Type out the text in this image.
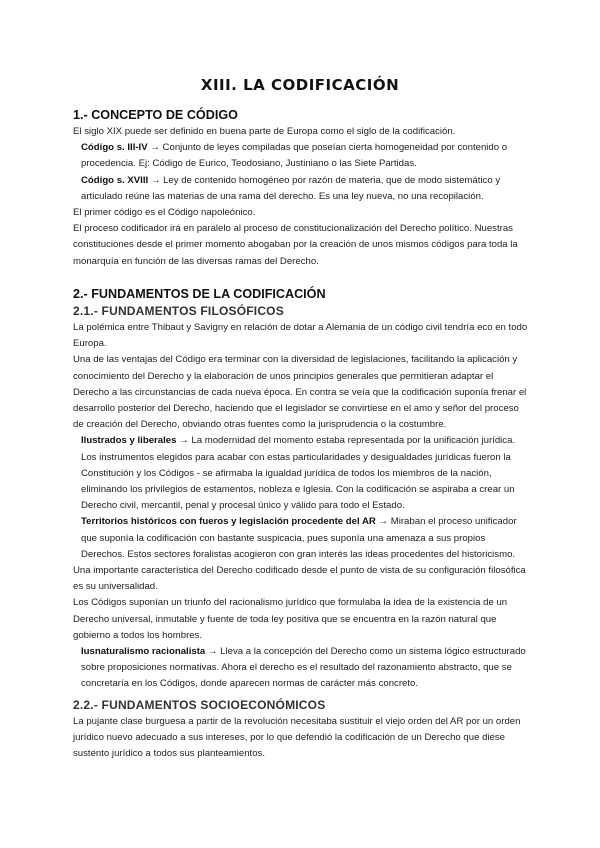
XIII. LA CODIFICACIÓN
1.- CONCEPTO DE CÓDIGO

El siglo XIX puede ser definido en buena parte de Europa como el siglo de la codificación.

Código s. III-IV → Conjunto de leyes compiladas que poseían cierta homogeneidad por contenido o procedencia. Ej: Código de Eurico, Teodosiano, Justiniano o las Siete Partidas.

Código s. XVIII → Ley de contenido homogéneo por razón de materia, que de modo sistemático y articulado reúne las materias de una rama del derecho. Es una ley nueva, no una recopilación.

El primer código es el Código napoleónico.

El proceso codificador irá en paralelo al proceso de constitucionalización del Derecho político. Nuestras constituciones desde el primer momento abogaban por la creación de unos mismos códigos para toda la monarquía en función de las diversas ramas del Derecho.

2.- FUNDAMENTOS DE LA CODIFICACIÓN
2.1.- FUNDAMENTOS FILOSÓFICOS

La polémica entre Thibaut y Savigny en relación de dotar a Alemania de un código civil tendría eco en todo Europa.

Una de las ventajas del Código era terminar con la diversidad de legislaciones, facilitando la aplicación y conocimiento del Derecho y la elaboración de unos principios generales que permitieran adaptar el Derecho a las circunstancias de cada nueva época. En contra se veía que la codificación suponía frenar el desarrollo posterior del Derecho, haciendo que el legislador se convirtiese en el amo y señor del proceso de creación del Derecho, obviando otras fuentes como la jurisprudencia o la costumbre.

Ilustrados y liberales → La modernidad del momento estaba representada por la unificación jurídica. Los instrumentos elegidos para acabar con estas particularidades y desigualdades jurídicas fueron la Constitución y los Códigos - se afirmaba la igualdad jurídica de todos los miembros de la nación, eliminando los privilegios de estamentos, nobleza e Iglesia. Con la codificación se aspiraba a crear un Derecho civil, mercantil, penal y procesal único y válido para todo el Estado.

Territorios históricos con fueros y legislación procedente del AR → Miraban el proceso unificador que suponía la codificación con bastante suspicacia, pues suponía una amenaza a sus propios Derechos. Estos sectores foralistas acogieron con gran interés las ideas procedentes del historicismo.

Una importante característica del Derecho codificado desde el punto de vista de su configuración filosófica es su universalidad.

Los Códigos suponían un triunfo del racionalismo jurídico que formulaba la idea de la existencia de un Derecho universal, inmutable y fuente de toda ley positiva que se encuentra en la razón natural que gobierno a todos los hombres.

Iusnaturalismo racionalista → Lleva a la concepción del Derecho como un sistema lógico estructurado sobre proposiciones normativas. Ahora el derecho es el resultado del razonamiento abstracto, que se concretaría en los Códigos, donde aparecen normas de carácter más concreto.

2.2.- FUNDAMENTOS SOCIOECONÓMICOS

La pujante clase burguesa a partir de la revolución necesitaba sustituir el viejo orden del AR por un orden jurídico nuevo adecuado a sus intereses, por lo que defendió la codificación de un Derecho que diese sustento jurídico a todos sus planteamientos.
